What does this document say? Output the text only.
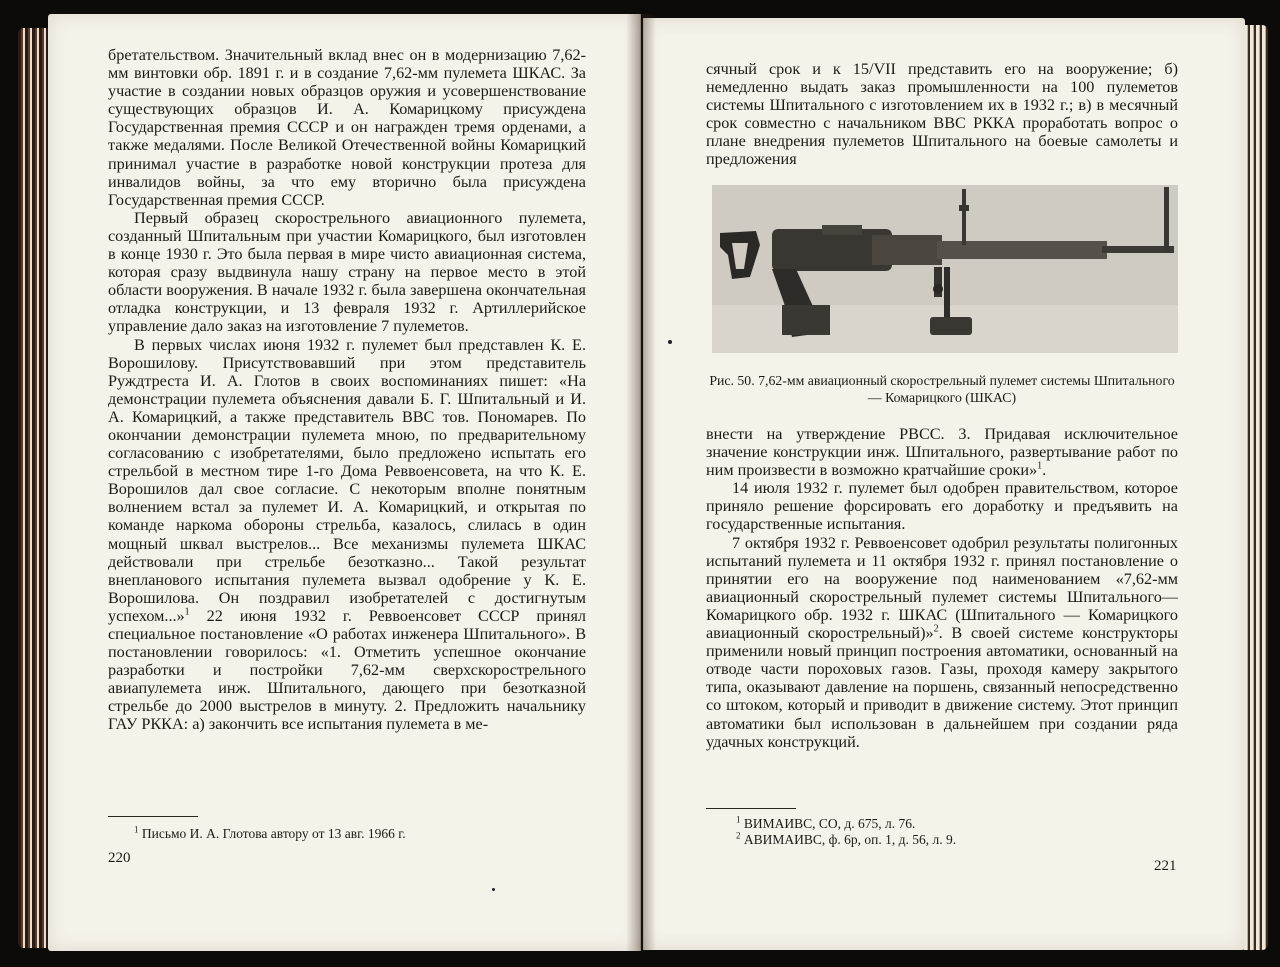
бретательством. Значительный вклад внес он в модернизацию 7,62-мм винтовки обр. 1891 г. и в создание 7,62-мм пулемета ШКАС. За участие в создании новых образцов оружия и усовершенствование существующих образцов И. А. Комарицкому присуждена Государственная премия СССР и он награжден тремя орденами, а также медалями. После Великой Отечественной войны Комарицкий принимал участие в разработке новой конструкции протеза для инвалидов войны, за что ему вторично была присуждена Государственная премия СССР.

Первый образец скорострельного авиационного пулемета, созданный Шпитальным при участии Комарицкого, был изготовлен в конце 1930 г. Это была первая в мире чисто авиационная система, которая сразу выдвинула нашу страну на первое место в этой области вооружения. В начале 1932 г. была завершена окончательная отладка конструкции, и 13 февраля 1932 г. Артиллерийское управление дало заказ на изготовление 7 пулеметов.

В первых числах июня 1932 г. пулемет был представлен К. Е. Ворошилову. Присутствовавший при этом представитель Руждтреста И. А. Глотов в своих воспоминаниях пишет: «На демонстрации пулемета объяснения давали Б. Г. Шпитальный и И. А. Комарицкий, а также представитель ВВС тов. Пономарев. По окончании демонстрации пулемета мною, по предварительному согласованию с изобретателями, было предложено испытать его стрельбой в местном тире 1-го Дома Реввоенсовета, на что К. Е. Ворошилов дал свое согласие. С некоторым вполне понятным волнением встал за пулемет И. А. Комарицкий, и открытая по команде наркома обороны стрельба, казалось, слилась в один мощный шквал выстрелов... Все механизмы пулемета ШКАС действовали при стрельбе безотказно... Такой результат внепланового испытания пулемета вызвал одобрение у К. Е. Ворошилова. Он поздравил изобретателей с достигнутым успехом...»$^1$ 22 июня 1932 г. Реввоенсовет СССР принял специальное постановление «О работах инженера Шпитального». В постановлении говорилось: «1. Отметить успешное окончание разработки и постройки 7,62-мм сверхскорострельного авиапулемета инж. Шпитального, дающего при безотказной стрельбе до 2000 выстрелов в минуту. 2. Предложить начальнику ГАУ РККА: а) закончить все испытания пулемета в ме-

$^1$ Письмо И. А. Глотова автору от 13 авг. 1966 г.
220

сячный срок и к 15/VII представить его на вооружение; б) немедленно выдать заказ промышленности на 100 пулеметов системы Шпитального с изготовлением их в 1932 г.; в) в месячный срок совместно с начальником ВВС РККА проработать вопрос о плане внедрения пулеметов Шпитального на боевые самолеты и предложения

Рис. 50. 7,62-мм авиационный скорострельный пулемет системы Шпитального — Комарицкого (ШКАС)

внести на утверждение РВСС. 3. Придавая исключительное значение конструкции инж. Шпитального, развертывание работ по ним произвести в возможно кратчайшие сроки»$^1$.

14 июля 1932 г. пулемет был одобрен правительством, которое приняло решение форсировать его доработку и предъявить на государственные испытания.

7 октября 1932 г. Реввоенсовет одобрил результаты полигонных испытаний пулемета и 11 октября 1932 г. принял постановление о принятии его на вооружение под наименованием «7,62-мм авиационный скорострельный пулемет системы Шпитального—Комарицкого обр. 1932 г. ШКАС (Шпитального — Комарицкого авиационный скорострельный)»$^2$. В своей системе конструкторы применили новый принцип построения автоматики, основанный на отводе части пороховых газов. Газы, проходя камеру закрытого типа, оказывают давление на поршень, связанный непосредственно со штоком, который и приводит в движение систему. Этот принцип автоматики был использован в дальнейшем при создании ряда удачных конструкций.

$^1$ ВИМАИВС, СО, д. 675, л. 76.
$^2$ АВИМАИВС, ф. 6р, оп. 1, д. 56, л. 9.
221
